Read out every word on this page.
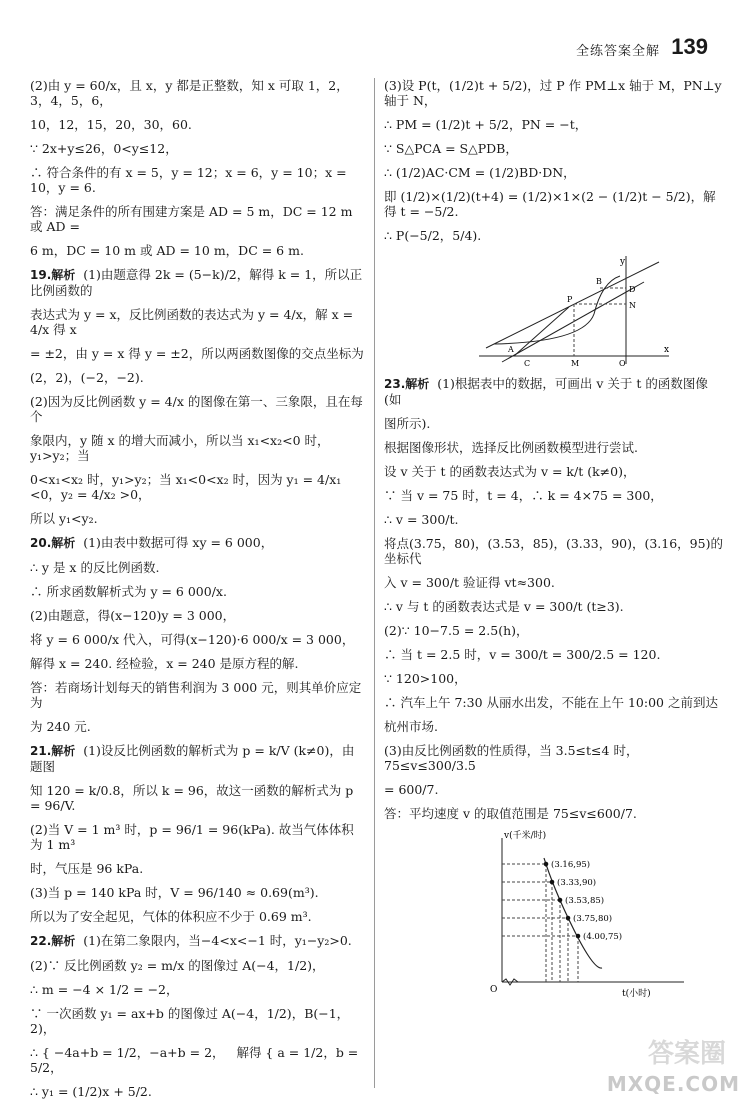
全练答案全解 139
(2)由 y = 60/x，且 x，y 都是正整数，知 x 可取 1，2，3，4，5，6，
10，12，15，20，30，60.
∵ 2x+y≤26，0<y≤12，
∴ 符合条件的有 x = 5，y = 12；x = 6，y = 10；x = 10，y = 6.
答：满足条件的所有围建方案是 AD = 5 m，DC = 12 m 或 AD =
6 m，DC = 10 m 或 AD = 10 m，DC = 6 m.
19.解析  (1)由题意得 2k = (5−k)/2，解得 k = 1，所以正比例函数的
表达式为 y = x，反比例函数的表达式为 y = 4/x，解 x = 4/x 得 x
= ±2，由 y = x 得 y = ±2，所以两函数图像的交点坐标为
(2，2)，(−2，−2).
(2)因为反比例函数 y = 4/x 的图像在第一、三象限，且在每个
象限内，y 随 x 的增大而减小，所以当 x₁<x₂<0 时，y₁>y₂；当
0<x₁<x₂ 时，y₁>y₂；当 x₁<0<x₂ 时，因为 y₁ = 4/x₁ <0，y₂ = 4/x₂ >0，
所以 y₁<y₂.
20.解析  (1)由表中数据可得 xy = 6 000，
∴ y 是 x 的反比例函数.
∴ 所求函数解析式为 y = 6 000/x.
(2)由题意，得(x−120)y = 3 000，
将 y = 6 000/x 代入，可得(x−120)·6 000/x = 3 000，
解得 x = 240. 经检验，x = 240 是原方程的解.
答：若商场计划每天的销售利润为 3 000 元，则其单价应定为
为 240 元.
21.解析  (1)设反比例函数的解析式为 p = k/V (k≠0)，由题图
知 120 = k/0.8，所以 k = 96，故这一函数的解析式为 p = 96/V.
(2)当 V = 1 m³ 时，p = 96/1 = 96(kPa). 故当气体体积为 1 m³
时，气压是 96 kPa.
(3)当 p = 140 kPa 时，V = 96/140 ≈ 0.69(m³).
所以为了安全起见，气体的体积应不少于 0.69 m³.
22.解析  (1)在第二象限内，当−4<x<−1 时，y₁−y₂>0.
(2)∵ 反比例函数 y₂ = m/x 的图像过 A(−4，1/2)，
∴ m = −4 × 1/2 = −2，
∵ 一次函数 y₁ = ax+b 的图像过 A(−4，1/2)，B(−1，2)，
∴ { −4a+b = 1/2，−a+b = 2，   解得 { a = 1/2，b = 5/2，
∴ y₁ = (1/2)x + 5/2.
(3)设 P(t，(1/2)t + 5/2)，过 P 作 PM⊥x 轴于 M，PN⊥y 轴于 N，
∴ PM = (1/2)t + 5/2，PN = −t，
∵ S△PCA = S△PDB，
∴ (1/2)AC·CM = (1/2)BD·DN，
即 (1/2)×(1/2)(t+4) = (1/2)×1×(2 − (1/2)t − 5/2)，解得 t = −5/2.
∴ P(−5/2，5/4).
y
x
A
B
C	M	O
P
D
N
23.解析  (1)根据表中的数据，可画出 v 关于 t 的函数图像(如
图所示).
根据图像形状，选择反比例函数模型进行尝试.
设 v 关于 t 的函数表达式为 v = k/t (k≠0)，
∵ 当 v = 75 时，t = 4，∴ k = 4×75 = 300，
∴ v = 300/t.
将点(3.75，80)，(3.53，85)，(3.33，90)，(3.16，95)的坐标代
入 v = 300/t 验证得 vt≈300.
∴ v 与 t 的函数表达式是 v = 300/t (t≥3).
(2)∵ 10−7.5 = 2.5(h)，
∴ 当 t = 2.5 时，v = 300/t = 300/2.5 = 120.
∵ 120>100，
∴ 汽车上午 7:30 从丽水出发，不能在上午 10:00 之前到达
杭州市场.
(3)由反比例函数的性质得，当 3.5≤t≤4 时，75≤v≤300/3.5
= 600/7.
答：平均速度 v 的取值范围是 75≤v≤600/7.
(3.16,95)
(3.33,90)
(3.53,85)
(3.75,80)
(4.00,75)
v(千米/时)
t(小时)
O
答案圈
MXQE.COM
